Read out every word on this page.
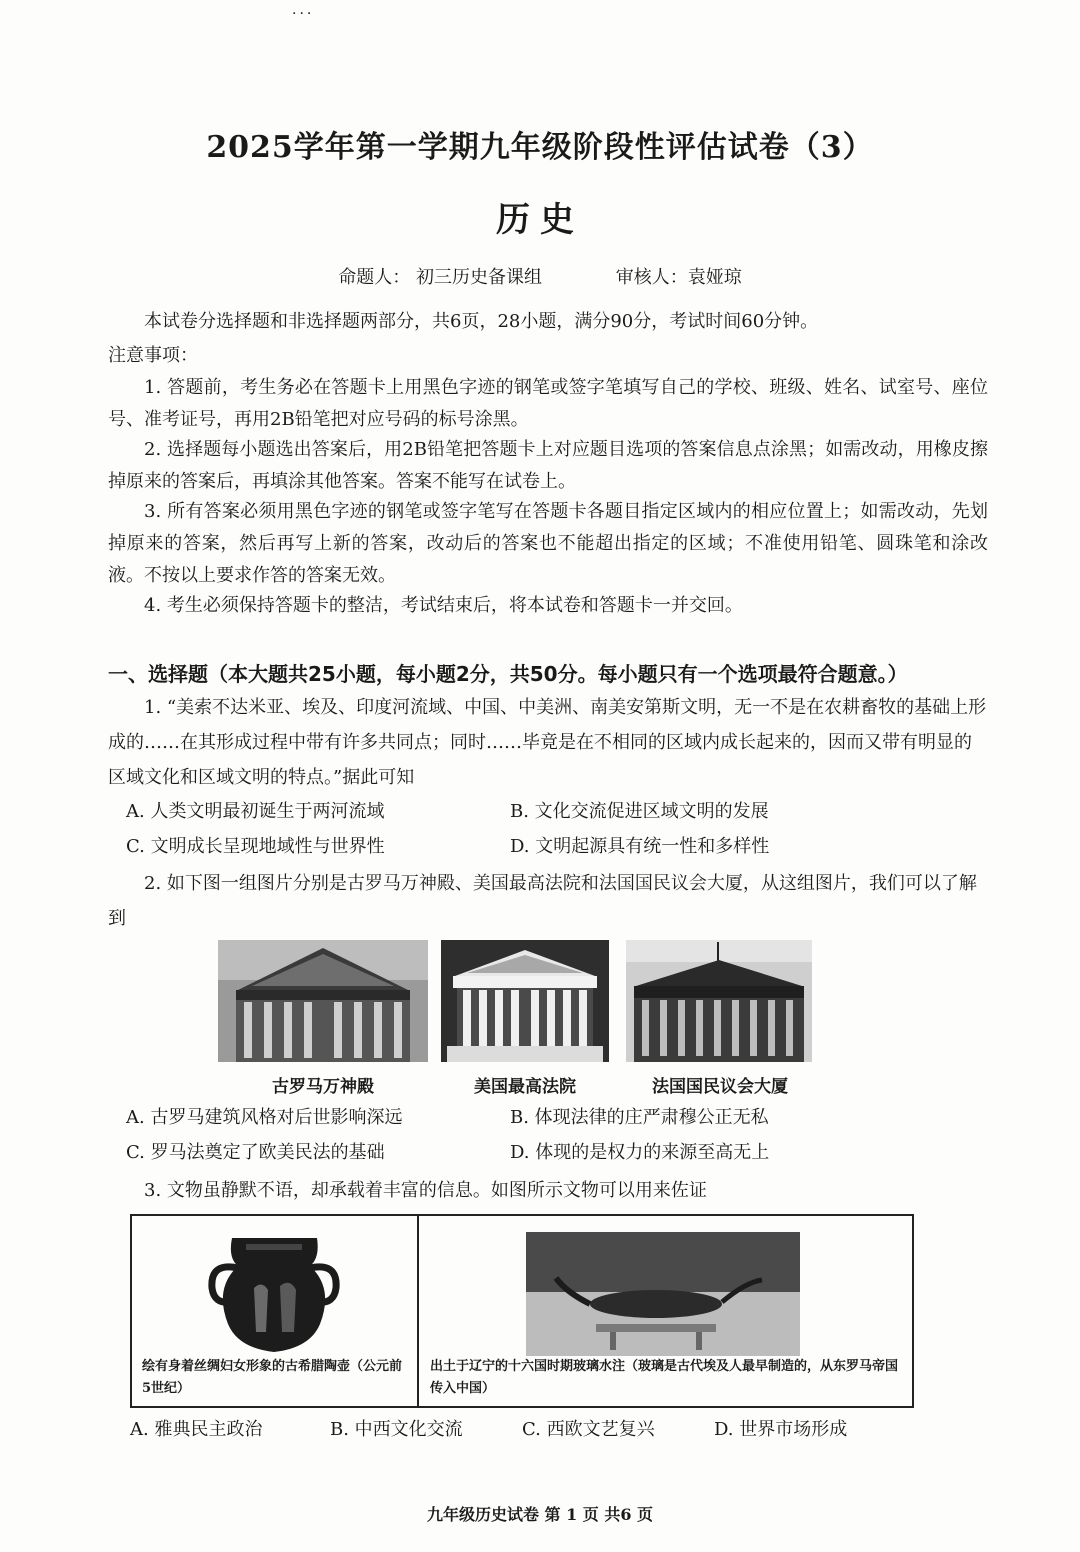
...
2025学年第一学期九年级阶段性评估试卷（3）
历史
命题人： 初三历史备课组	审核人：袁娅琼
本试卷分选择题和非选择题两部分，共6页，28小题，满分90分，考试时间60分钟。
注意事项：
1. 答题前，考生务必在答题卡上用黑色字迹的钢笔或签字笔填写自己的学校、班级、姓名、试室号、座位号、准考证号，再用2B铅笔把对应号码的标号涂黑。
2. 选择题每小题选出答案后，用2B铅笔把答题卡上对应题目选项的答案信息点涂黑；如需改动，用橡皮擦掉原来的答案后，再填涂其他答案。答案不能写在试卷上。
3. 所有答案必须用黑色字迹的钢笔或签字笔写在答题卡各题目指定区域内的相应位置上；如需改动，先划掉原来的答案，然后再写上新的答案，改动后的答案也不能超出指定的区域；不准使用铅笔、圆珠笔和涂改液。不按以上要求作答的答案无效。
4. 考生必须保持答题卡的整洁，考试结束后，将本试卷和答题卡一并交回。
一、选择题（本大题共25小题，每小题2分，共50分。每小题只有一个选项最符合题意。）
1. “美索不达米亚、埃及、印度河流域、中国、中美洲、南美安第斯文明，无一不是在农耕畜牧的基础上形成的……在其形成过程中带有许多共同点；同时……毕竟是在不相同的区域内成长起来的，因而又带有明显的区域文化和区域文明的特点。”据此可知
A. 人类文明最初诞生于两河流域	B. 文化交流促进区域文明的发展
C. 文明成长呈现地域性与世界性	D. 文明起源具有统一性和多样性
2. 如下图一组图片分别是古罗马万神殿、美国最高法院和法国国民议会大厦，从这组图片，我们可以了解到
古罗马万神殿	美国最高法院	法国国民议会大厦
A. 古罗马建筑风格对后世影响深远	B. 体现法律的庄严肃穆公正无私
C. 罗马法奠定了欧美民法的基础	D. 体现的是权力的来源至高无上
3. 文物虽静默不语，却承载着丰富的信息。如图所示文物可以用来佐证
绘有身着丝绸妇女形象的古希腊陶壶（公元前5世纪）
出土于辽宁的十六国时期玻璃水注（玻璃是古代埃及人最早制造的，从东罗马帝国传入中国）
A. 雅典民主政治	B. 中西文化交流	C. 西欧文艺复兴	D. 世界市场形成
九年级历史试卷 第 1 页 共6 页
